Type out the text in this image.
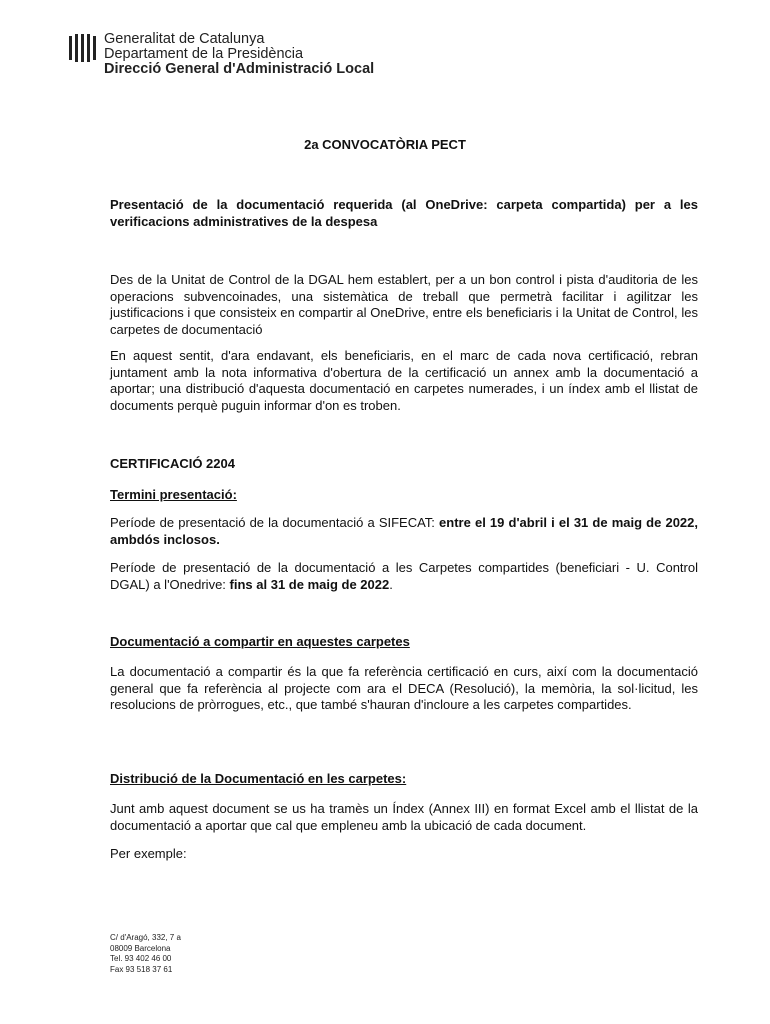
Generalitat de Catalunya
Departament de la Presidència
Direcció General d'Administració Local
2a CONVOCATÒRIA PECT

Presentació de la documentació requerida (al OneDrive: carpeta compartida) per a les verificacions administratives de la despesa

Des de la Unitat de Control de la DGAL hem establert, per a un bon control i pista d'auditoria de les operacions subvencoinades, una sistemàtica de treball que permetrà facilitar i agilitzar les justificacions i que consisteix en compartir al OneDrive, entre els beneficiaris i la Unitat de Control, les carpetes de documentació

En aquest sentit, d'ara endavant, els beneficiaris, en el marc de cada nova certificació, rebran juntament amb la nota informativa d'obertura de la certificació un annex amb la documentació a aportar; una distribució d'aquesta documentació en carpetes numerades, i un índex amb el llistat de documents perquè puguin informar d'on es troben.

CERTIFICACIÓ 2204
Termini presentació:

Període de presentació de la documentació a SIFECAT: entre el 19 d'abril i el 31 de maig de 2022, ambdós inclosos.

Període de presentació de la documentació a les Carpetes compartides (beneficiari - U. Control DGAL) a l'Onedrive: fins al 31 de maig de 2022.

Documentació a compartir en aquestes carpetes

La documentació a compartir és la que fa referència certificació en curs, així com la documentació general que fa referència al projecte com ara el DECA (Resolució), la memòria, la sol·licitud, les resolucions de pròrrogues, etc., que també s'hauran d'incloure a les carpetes compartides.

Distribució de la Documentació en les carpetes:

Junt amb aquest document se us ha tramès un Índex (Annex III) en format Excel amb el llistat de la documentació a aportar que cal que empleneu amb la ubicació de cada document.

Per exemple:
C/ d'Aragó, 332, 7 a
08009 Barcelona
Tel. 93 402 46 00
Fax 93 518 37 61
